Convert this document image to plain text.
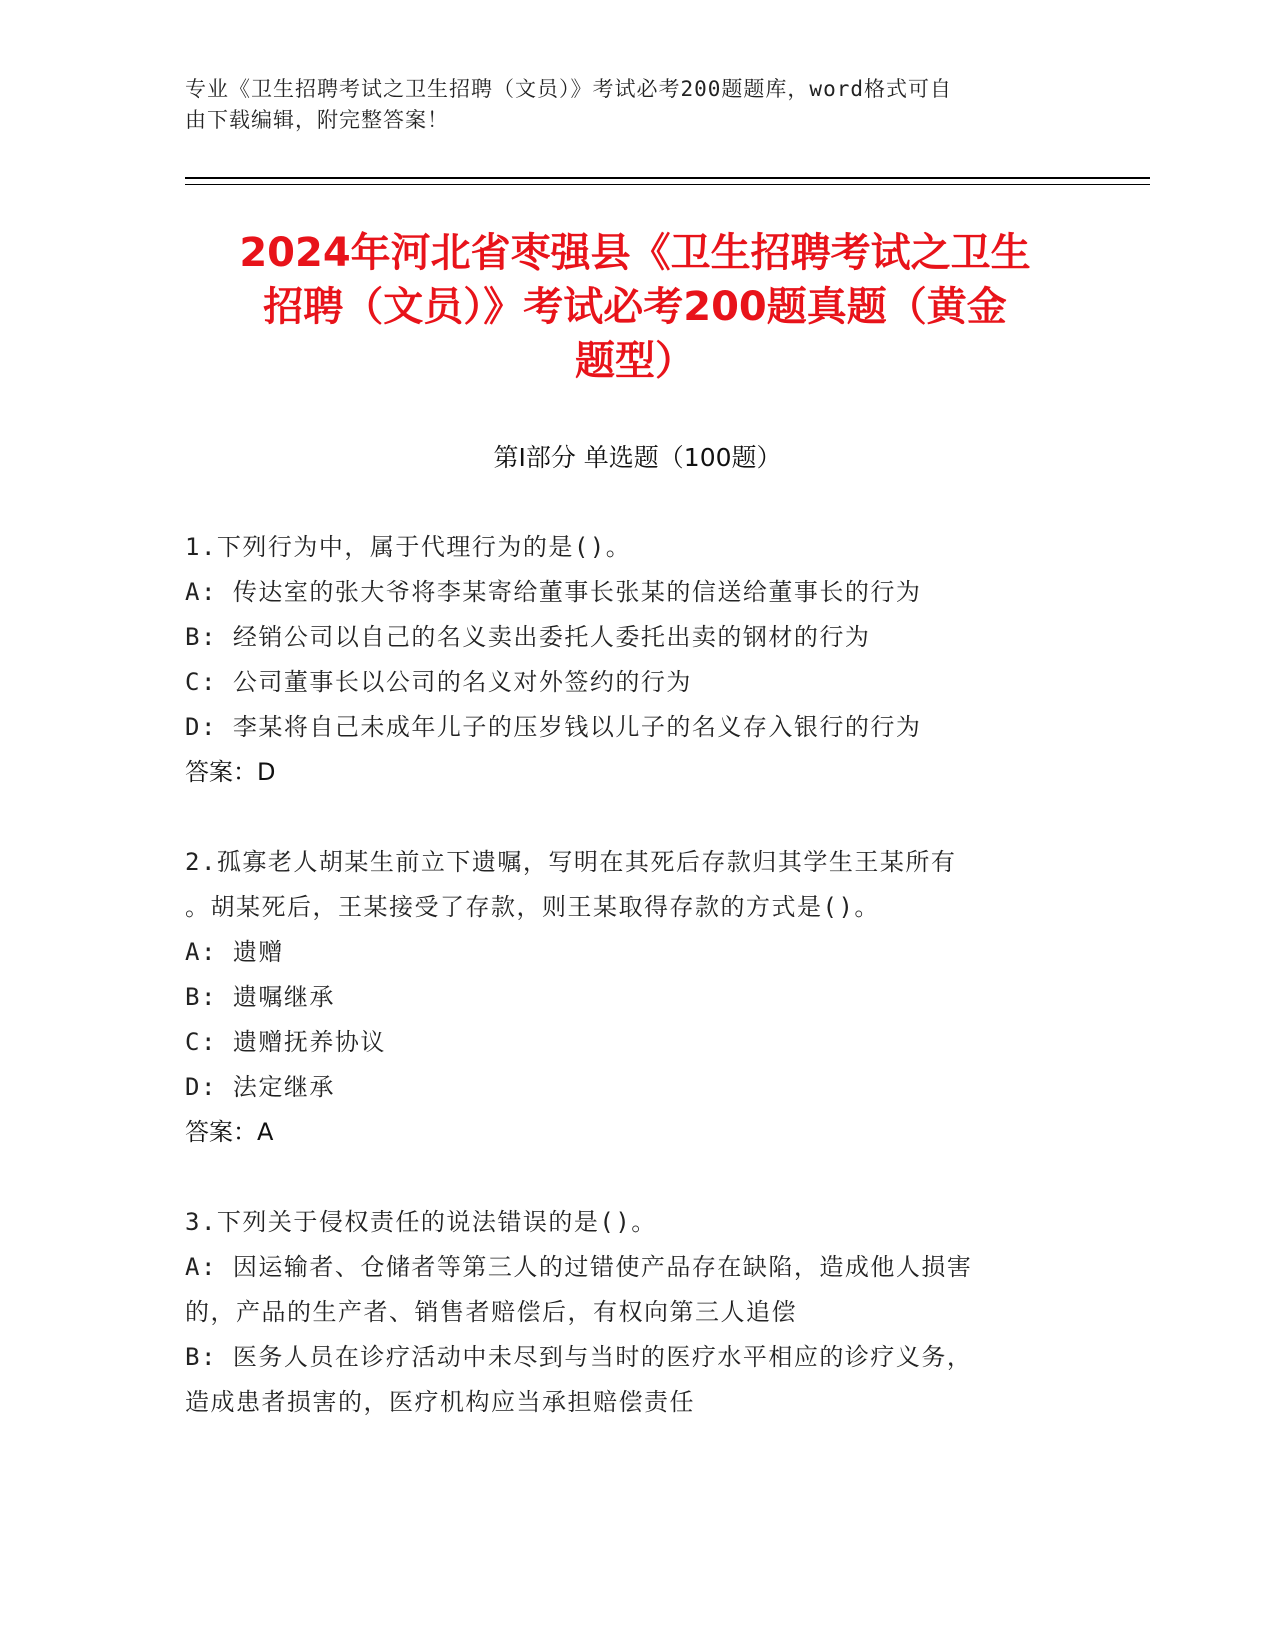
专业《卫生招聘考试之卫生招聘（文员）》考试必考200题题库，word格式可自
由下载编辑，附完整答案！
2024年河北省枣强县《卫生招聘考试之卫生
招聘（文员）》考试必考200题真题（黄金
题型）
第Ⅰ部分 单选题（100题）
1.下列行为中，属于代理行为的是()。
A: 传达室的张大爷将李某寄给董事长张某的信送给董事长的行为
B: 经销公司以自己的名义卖出委托人委托出卖的钢材的行为
C: 公司董事长以公司的名义对外签约的行为
D: 李某将自己未成年儿子的压岁钱以儿子的名义存入银行的行为
答案：D
2.孤寡老人胡某生前立下遗嘱，写明在其死后存款归其学生王某所有
。胡某死后，王某接受了存款，则王某取得存款的方式是()。
A: 遗赠
B: 遗嘱继承
C: 遗赠抚养协议
D: 法定继承
答案：A
3.下列关于侵权责任的说法错误的是()。
A: 因运输者、仓储者等第三人的过错使产品存在缺陷，造成他人损害
的，产品的生产者、销售者赔偿后，有权向第三人追偿
B: 医务人员在诊疗活动中未尽到与当时的医疗水平相应的诊疗义务，
造成患者损害的，医疗机构应当承担赔偿责任
